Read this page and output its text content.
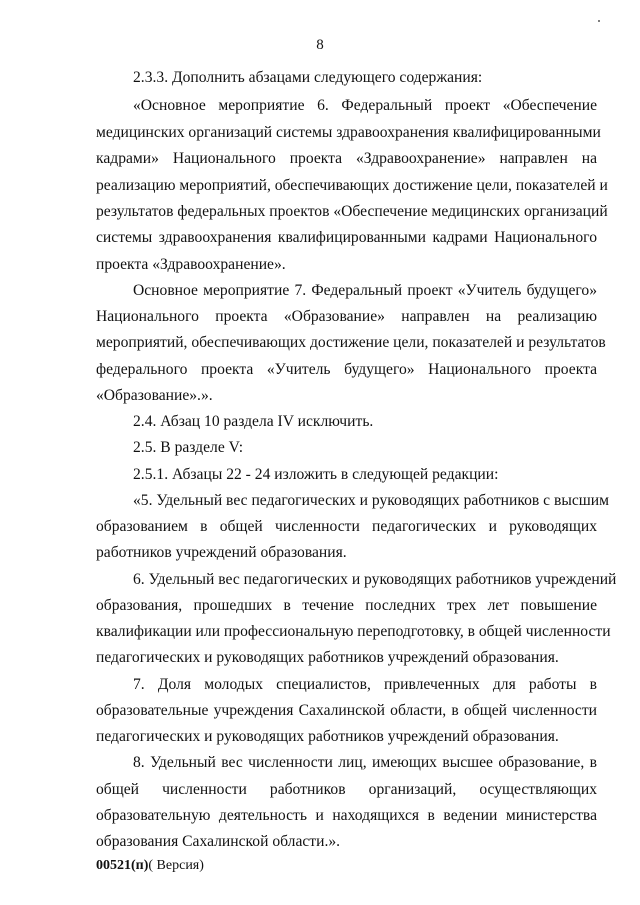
8
2.3.3. Дополнить абзацами следующего содержания:
«Основное мероприятие 6. Федеральный проект «Обеспечение
медицинских организаций системы здравоохранения квалифицированными
кадрами» Национального проекта «Здравоохранение» направлен на
реализацию мероприятий, обеспечивающих достижение цели, показателей и
результатов федеральных проектов «Обеспечение медицинских организаций
системы здравоохранения квалифицированными кадрами Национального
проекта «Здравоохранение».
Основное мероприятие 7. Федеральный проект «Учитель будущего»
Национального проекта «Образование» направлен на реализацию
мероприятий, обеспечивающих достижение цели, показателей и результатов
федерального проекта «Учитель будущего» Национального проекта
«Образование».».
2.4. Абзац 10 раздела IV исключить.
2.5. В разделе V:
2.5.1. Абзацы 22 - 24 изложить в следующей редакции:
«5. Удельный вес педагогических и руководящих работников с высшим
образованием в общей численности педагогических и руководящих
работников учреждений образования.
6. Удельный вес педагогических и руководящих работников учреждений
образования, прошедших в течение последних трех лет повышение
квалификации или профессиональную переподготовку, в общей численности
педагогических и руководящих работников учреждений образования.
7. Доля молодых специалистов, привлеченных для работы в
образовательные учреждения Сахалинской области, в общей численности
педагогических и руководящих работников учреждений образования.
8. Удельный вес численности лиц, имеющих высшее образование, в
общей численности работников организаций, осуществляющих
образовательную деятельность и находящихся в ведении министерства
образования Сахалинской области.».
00521(п)( Версия)
